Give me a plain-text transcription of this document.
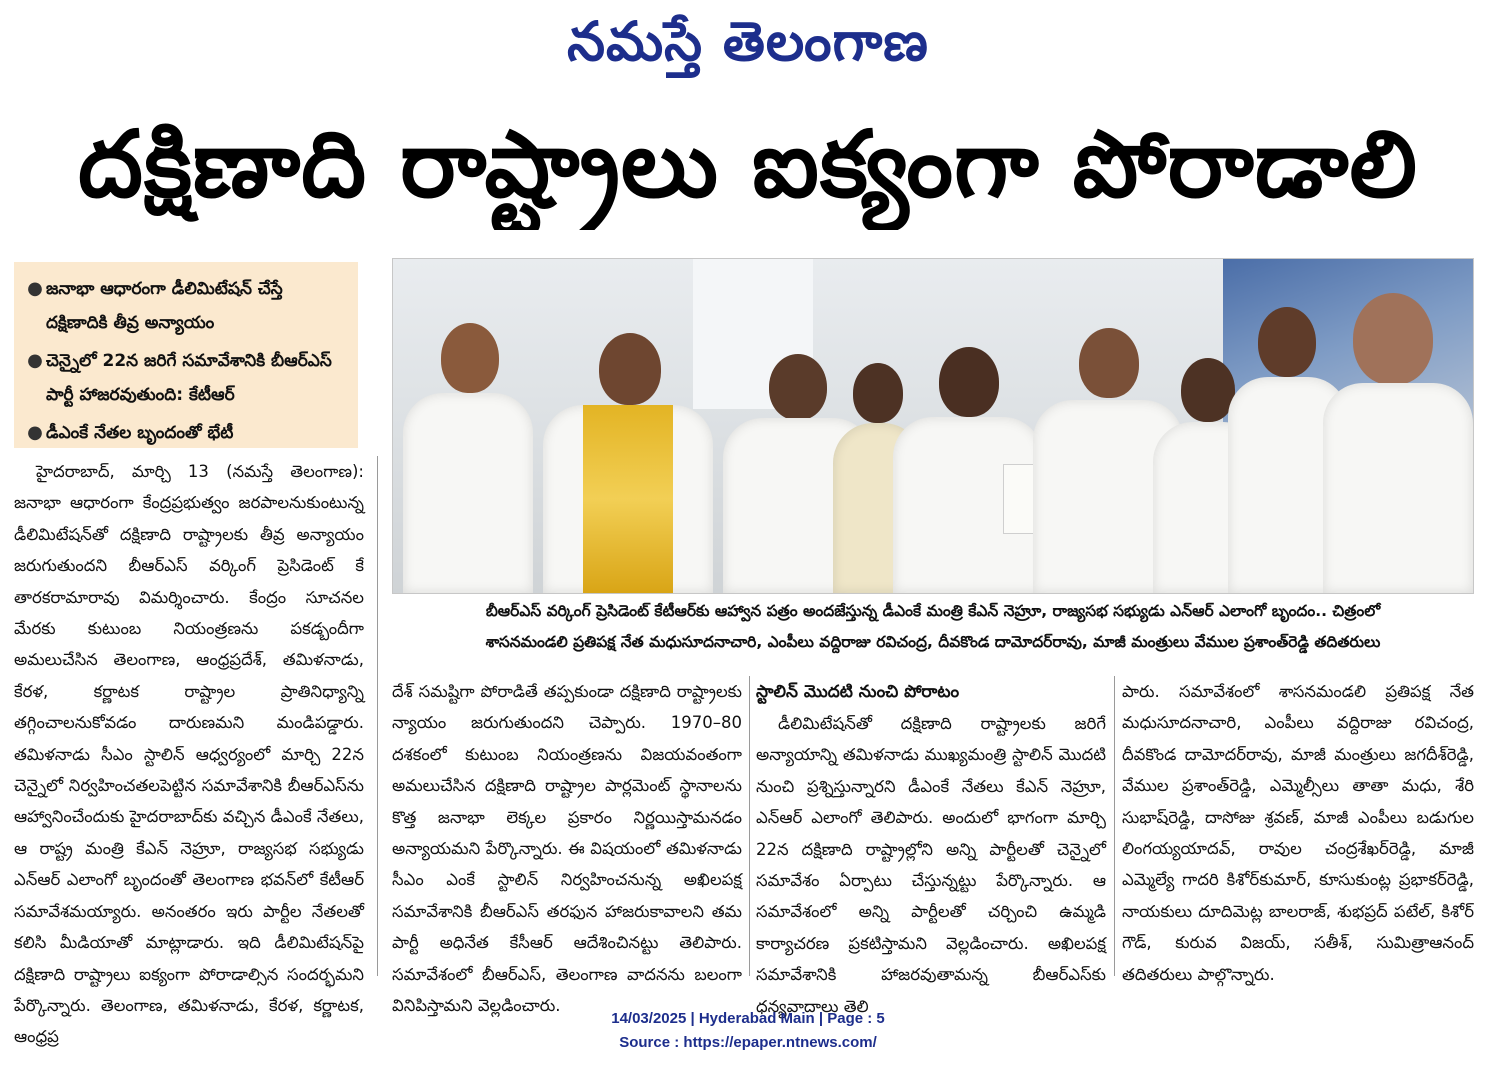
నమస్తే తెలంగాణ
దక్షిణాది రాష్ట్రాలు ఐక్యంగా పోరాడాలి
● జనాభా ఆధారంగా డీలిమిటేషన్ చేస్తే దక్షిణాదికి తీవ్ర అన్యాయం
● చెన్నైలో 22న జరిగే సమావేశానికి బీఆర్ఎస్ పార్టీ హాజరవుతుంది: కేటీఆర్
● డీఎంకే నేతల బృందంతో భేటీ
బీఆర్ఎస్ వర్కింగ్ ప్రెసిడెంట్ కేటీఆర్‌కు ఆహ్వాన పత్రం అందజేస్తున్న డీఎంకే మంత్రి కేఎన్ నెహ్రూ, రాజ్యసభ సభ్యుడు ఎన్ఆర్ ఎలాంగో బృందం.. చిత్రంలో
శాసనమండలి ప్రతిపక్ష నేత మధుసూదనాచారి, ఎంపీలు వద్దిరాజు రవిచంద్ర, దీవకొండ దామోదర్‌రావు, మాజీ మంత్రులు వేముల ప్రశాంత్‌రెడ్డి తదితరులు

హైదరాబాద్, మార్చి 13 (నమస్తే తెలంగాణ): జనాభా ఆధారంగా కేంద్రప్రభుత్వం జరపాలనుకుంటున్న డీలిమిటేషన్‌తో దక్షిణాది రాష్ట్రాలకు తీవ్ర అన్యాయం జరుగుతుందని బీఆర్ఎస్ వర్కింగ్ ప్రెసిడెంట్ కే తారకరామారావు విమర్శించారు. కేంద్రం సూచనల మేరకు కుటుంబ నియంత్రణను పకడ్బందీగా అమలుచేసిన తెలంగాణ, ఆంధ్రప్రదేశ్, తమిళనాడు, కేరళ, కర్ణాటక రాష్ట్రాల ప్రాతినిధ్యాన్ని తగ్గించాలనుకోవడం దారుణమని మండిపడ్డారు. తమిళనాడు సీఎం స్టాలిన్ ఆధ్వర్యంలో మార్చి 22న చెన్నైలో నిర్వహించతలపెట్టిన సమావేశానికి బీఆర్ఎస్‌ను ఆహ్వానించేందుకు హైదరాబాద్‌కు వచ్చిన డీఎంకే నేతలు, ఆ రాష్ట్ర మంత్రి కేఎన్ నెహ్రూ, రాజ్యసభ సభ్యుడు ఎన్ఆర్ ఎలాంగో బృందంతో తెలంగాణ భవన్‌లో కేటీఆర్ సమావేశమయ్యారు. అనంతరం ఇరు పార్టీల నేతలతో కలిసి మీడియాతో మాట్లాడారు. ఇది డీలిమిటేషన్‌పై దక్షిణాది రాష్ట్రాలు ఐక్యంగా పోరాడాల్సిన సందర్భమని పేర్కొన్నారు. తెలంగాణ, తమిళనాడు, కేరళ, కర్ణాటక, ఆంధ్రప్ర

దేశ్ సమష్టిగా పోరాడితే తప్పకుండా దక్షిణాది రాష్ట్రాలకు న్యాయం జరుగుతుందని చెప్పారు. 1970–80 దశకంలో కుటుంబ నియంత్రణను విజయవంతంగా అమలుచేసిన దక్షిణాది రాష్ట్రాల పార్లమెంట్ స్థానాలను కొత్త జనాభా లెక్కల ప్రకారం నిర్ణయిస్తామనడం అన్యాయమని పేర్కొన్నారు. ఈ విషయంలో తమిళనాడు సీఎం ఎంకే స్టాలిన్ నిర్వహించనున్న అఖిలపక్ష సమావేశానికి బీఆర్ఎస్ తరఫున హాజరుకావాలని తమ పార్టీ అధినేత కేసీఆర్ ఆదేశించినట్టు తెలిపారు. సమావేశంలో బీఆర్ఎస్, తెలంగాణ వాదనను బలంగా వినిపిస్తామని వెల్లడించారు.

స్టాలిన్ మొదటి నుంచి పోరాటం

డీలిమిటేషన్‌తో దక్షిణాది రాష్ట్రాలకు జరిగే అన్యాయాన్ని తమిళనాడు ముఖ్యమంత్రి స్టాలిన్ మొదటి నుంచి ప్రశ్నిస్తున్నారని డీఎంకే నేతలు కేఎన్ నెహ్రూ, ఎన్ఆర్ ఎలాంగో తెలిపారు. అందులో భాగంగా మార్చి 22న దక్షిణాది రాష్ట్రాల్లోని అన్ని పార్టీలతో చెన్నైలో సమావేశం ఏర్పాటు చేస్తున్నట్టు పేర్కొన్నారు. ఆ సమావేశంలో అన్ని పార్టీలతో చర్చించి ఉమ్మడి కార్యాచరణ ప్రకటిస్తామని వెల్లడించారు. అఖిలపక్ష సమావేశానికి హాజరవుతామన్న బీఆర్ఎస్‌కు ధన్యవాదాలు తెలి

పారు. సమావేశంలో శాసనమండలి ప్రతిపక్ష నేత మధుసూదనాచారి, ఎంపీలు వద్దిరాజు రవిచంద్ర, దీవకొండ దామోదర్‌రావు, మాజీ మంత్రులు జగదీశ్‌రెడ్డి, వేముల ప్రశాంత్‌రెడ్డి, ఎమ్మెల్సీలు తాతా మధు, శేరి సుభాష్‌రెడ్డి, దాసోజు శ్రవణ్, మాజీ ఎంపీలు బడుగుల లింగయ్యయాదవ్, రావుల చంద్రశేఖర్‌రెడ్డి, మాజీ ఎమ్మెల్యే గాదరి కిశోర్‌కుమార్, కూసుకుంట్ల ప్రభాకర్‌రెడ్డి, నాయకులు దూదిమెట్ల బాలరాజ్, శుభప్రద్ పటేల్, కిశోర్ గౌడ్, కురువ విజయ్, సతీశ్, సుమిత్రాఆనంద్ తదితరులు పాల్గొన్నారు.

14/03/2025 | Hyderabad Main | Page : 5
Source : https://epaper.ntnews.com/
